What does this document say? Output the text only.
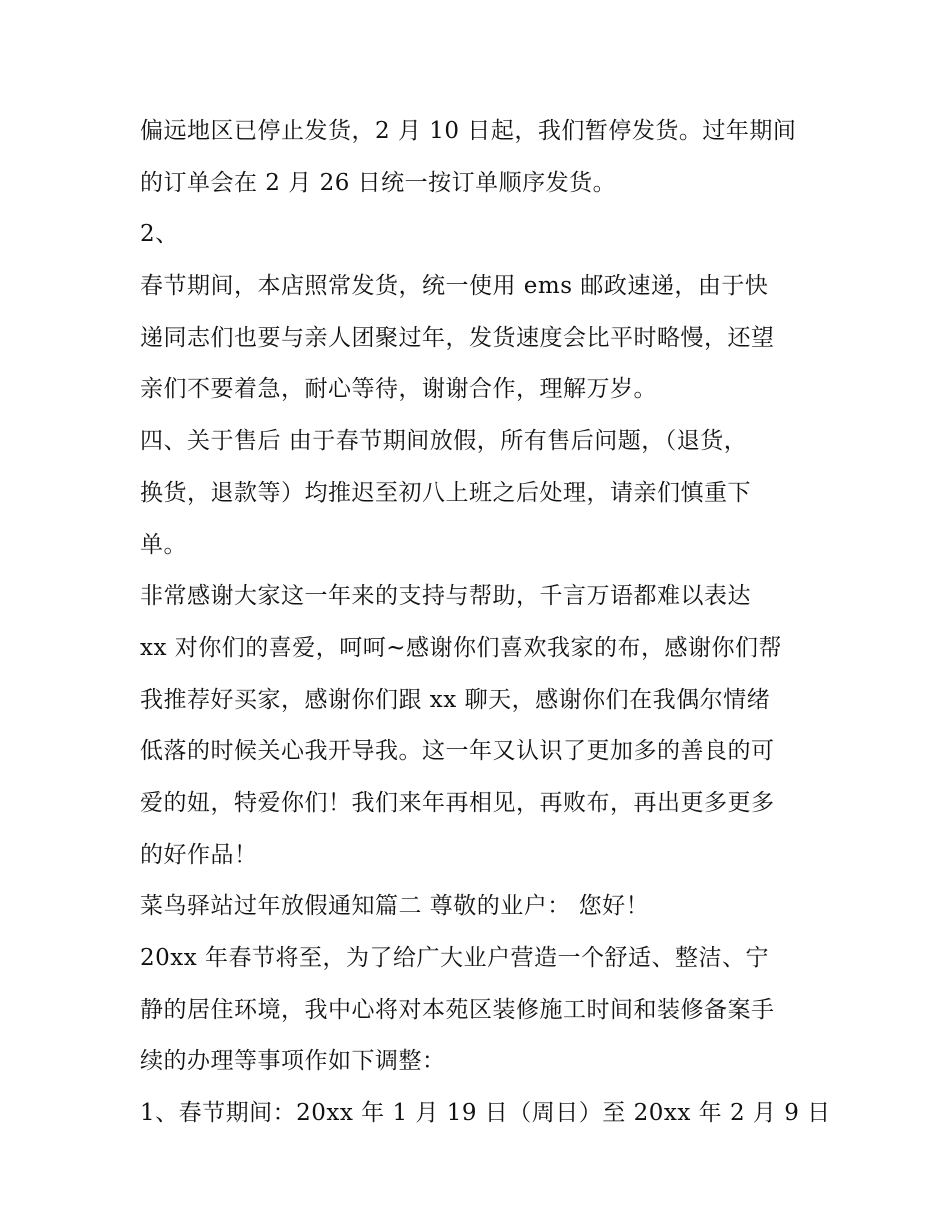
偏远地区已停止发货，2 月 10 日起，我们暂停发货。过年期间
的订单会在 2 月 26 日统一按订单顺序发货。
2、
春节期间，本店照常发货，统一使用 ems 邮政速递，由于快
递同志们也要与亲人团聚过年，发货速度会比平时略慢，还望
亲们不要着急，耐心等待，谢谢合作，理解万岁。
四、关于售后 由于春节期间放假，所有售后问题，（退货，
换货，退款等）均推迟至初八上班之后处理，请亲们慎重下
单。
非常感谢大家这一年来的支持与帮助，千言万语都难以表达
xx 对你们的喜爱，呵呵~感谢你们喜欢我家的布，感谢你们帮
我推荐好买家，感谢你们跟 xx 聊天，感谢你们在我偶尔情绪
低落的时候关心我开导我。这一年又认识了更加多的善良的可
爱的妞，特爱你们！我们来年再相见，再败布，再出更多更多
的好作品！
菜鸟驿站过年放假通知篇二 尊敬的业户： 您好！
20xx 年春节将至，为了给广大业户营造一个舒适、整洁、宁
静的居住环境，我中心将对本苑区装修施工时间和装修备案手
续的办理等事项作如下调整：
1、春节期间：20xx 年 1 月 19 日（周日）至 20xx 年 2 月 9 日
